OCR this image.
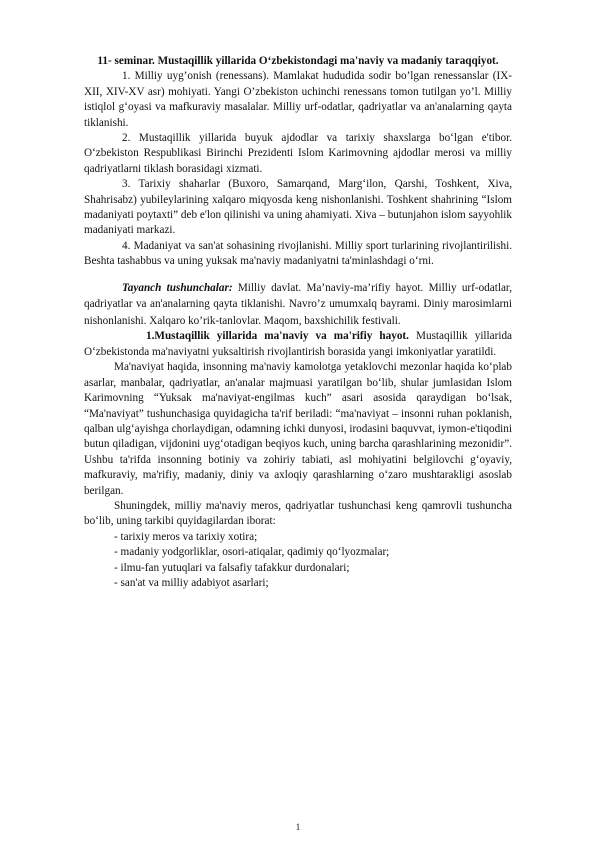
11- seminar. Mustaqillik yillarida O‘zbekistondagi ma'naviy va madaniy taraqqiyot.

1. Milliy uyg’onish (renessans). Mamlakat hududida sodir bo’lgan renessanslar (IX-XII, XIV-XV asr) mohiyati. Yangi O’zbekiston uchinchi renessans tomon tutilgan yo’l. Milliy istiqlol g‘oyasi va mafkuraviy masalalar. Milliy urf-odatlar, qadriyatlar va an'analarning qayta tiklanishi.

2. Mustaqillik yillarida buyuk ajdodlar va tarixiy shaxslarga bo‘lgan e'tibor. O‘zbekiston Respublikasi Birinchi Prezidenti Islom Karimovning ajdodlar merosi va milliy qadriyatlarni tiklash borasidagi xizmati.

3. Tarixiy shaharlar (Buxoro, Samarqand, Marg‘ilon, Qarshi, Toshkent, Xiva, Shahrisabz) yubileylarining xalqaro miqyosda keng nishonlanishi. Toshkent shahrining “Islom madaniyati poytaxti” deb e'lon qilinishi va uning ahamiyati. Xiva – butunjahon islom sayyohlik madaniyati markazi.

4. Madaniyat va san'at sohasining rivojlanishi. Milliy sport turlarining rivojlantirilishi. Beshta tashabbus va uning yuksak ma'naviy madaniyatni ta'minlashdagi o‘rni.

Tayanch tushunchalar: Milliy davlat. Ma’naviy-ma’rifiy hayot. Milliy urf-odatlar, qadriyatlar va an'analarning qayta tiklanishi. Navro’z umumxalq bayrami. Diniy marosimlarni nishonlanishi. Xalqaro ko’rik-tanlovlar. Maqom, baxshichilik festivali.

1.Mustaqillik yillarida ma'naviy va ma'rifiy hayot. Mustaqillik yillarida O‘zbekistonda ma'naviyatni yuksaltirish rivojlantirish borasida yangi imkoniyatlar yaratildi.

Ma'naviyat haqida, insonning ma'naviy kamolotga yetaklovchi mezonlar haqida ko‘plab asarlar, manbalar, qadriyatlar, an'analar majmuasi yaratilgan bo‘lib, shular jumlasidan Islom Karimovning “Yuksak ma'naviyat-engilmas kuch” asari asosida qaraydigan bo‘lsak, “Ma'naviyat” tushunchasiga quyidagicha ta'rif beriladi: “ma'naviyat – insonni ruhan poklanish, qalban ulg‘ayishga chorlaydigan, odamning ichki dunyosi, irodasini baquvvat, iymon-e'tiqodini butun qiladigan, vijdonini uyg‘otadigan beqiyos kuch, uning barcha qarashlarining mezonidir”. Ushbu ta'rifda insonning botiniy va zohiriy tabiati, asl mohiyatini belgilovchi g‘oyaviy, mafkuraviy, ma'rifiy, madaniy, diniy va axloqiy qarashlarning o‘zaro mushtarakligi asoslab berilgan.

Shuningdek, milliy ma'naviy meros, qadriyatlar tushunchasi keng qamrovli tushuncha bo‘lib, uning tarkibi quyidagilardan iborat:

- tarixiy meros va tarixiy xotira;

- madaniy yodgorliklar, osori-atiqalar, qadimiy qo‘lyozmalar;

- ilmu-fan yutuqlari va falsafiy tafakkur durdonalari;

- san'at va milliy adabiyot asarlari;

1
